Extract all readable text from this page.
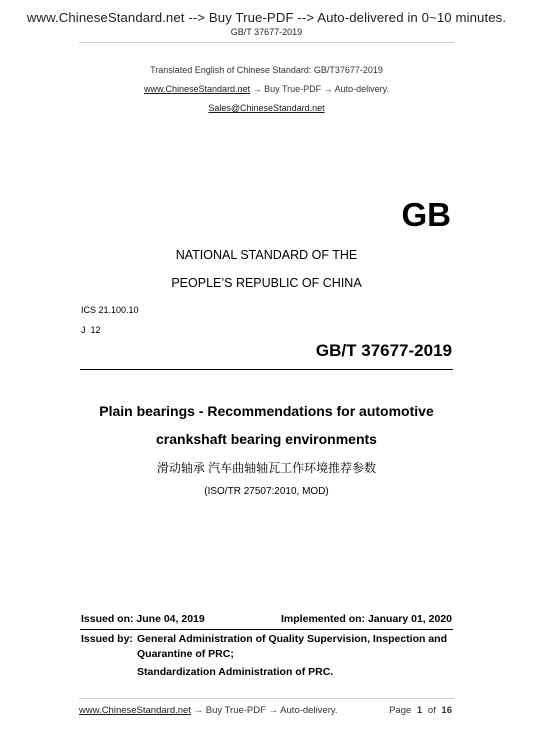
www.ChineseStandard.net --> Buy True-PDF --> Auto-delivered in 0~10 minutes.
GB/T 37677-2019
Translated English of Chinese Standard: GB/T37677-2019
www.ChineseStandard.net → Buy True-PDF → Auto-delivery.
Sales@ChineseStandard.net
GB
NATIONAL STANDARD OF THE
PEOPLE’S REPUBLIC OF CHINA
ICS 21.100.10
J  12
GB/T 37677-2019
Plain bearings - Recommendations for automotive
crankshaft bearing environments
滑动轴承 汽车曲轴轴瓦工作环境推荐参数
(ISO/TR 27507:2010, MOD)
Issued on: June 04, 2019	Implemented on: January 01, 2020
Issued by: General Administration of Quality Supervision, Inspection and
Quarantine of PRC;
Standardization Administration of PRC.
www.ChineseStandard.net → Buy True-PDF → Auto-delivery.	Page 1 of 16
